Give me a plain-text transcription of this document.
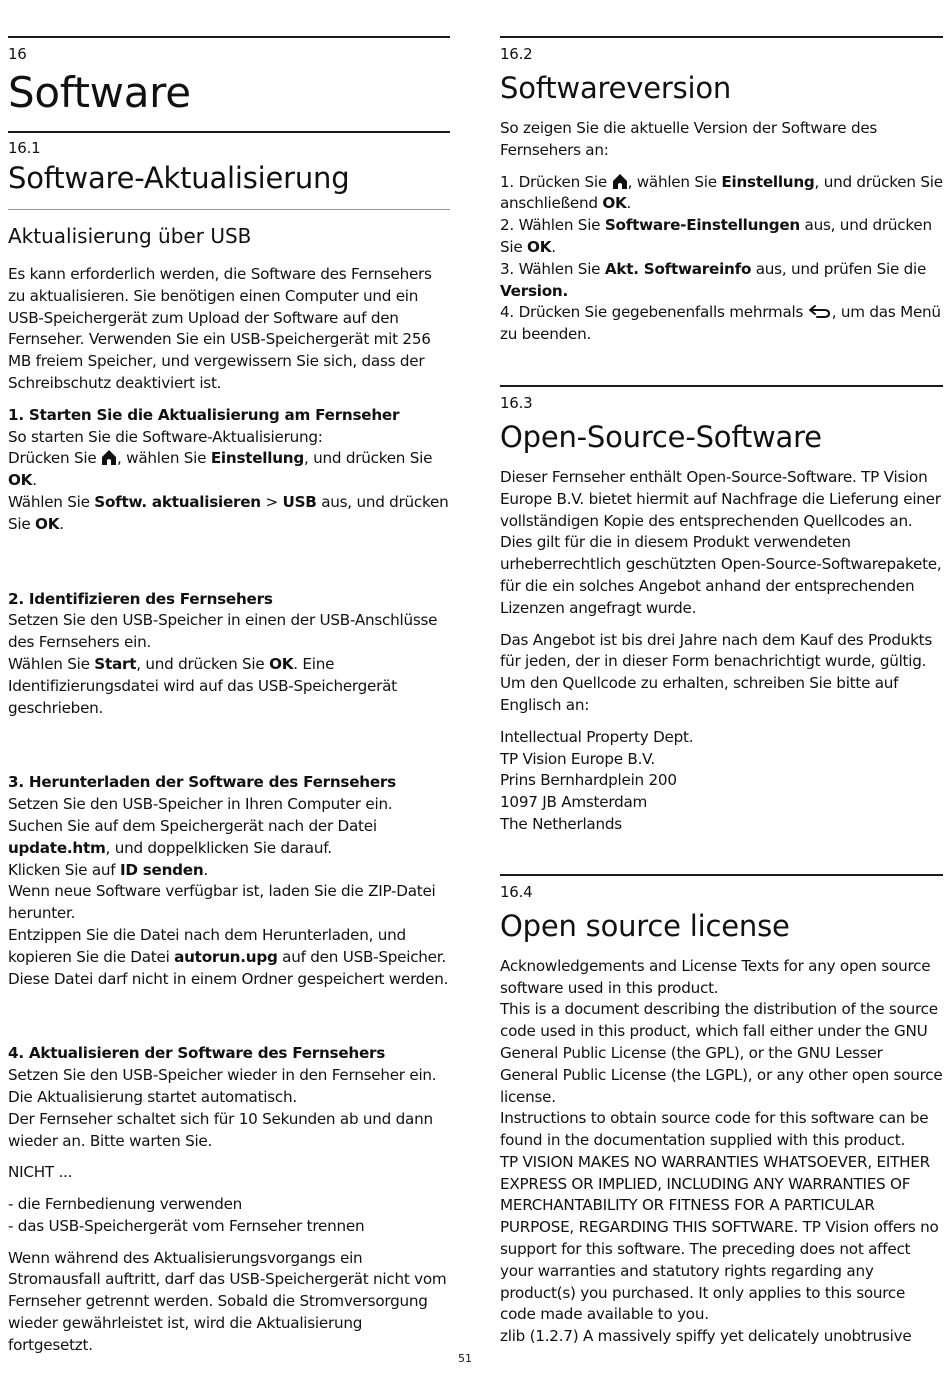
16

Software

16.1

Software-Aktualisierung
Aktualisierung über USB

Es kann erforderlich werden, die Software des Fernsehers zu aktualisieren. Sie benötigen einen Computer und ein USB-Speichergerät zum Upload der Software auf den Fernseher. Verwenden Sie ein USB-Speichergerät mit 256 MB freiem Speicher, und vergewissern Sie sich, dass der Schreibschutz deaktiviert ist.

1. Starten Sie die Aktualisierung am Fernseher

So starten Sie die Software-Aktualisierung:

Drücken Sie , wählen Sie Einstellung, und drücken Sie OK.

Wählen Sie Softw. aktualisieren > USB aus, und drücken Sie OK.

2. Identifizieren des Fernsehers

Setzen Sie den USB-Speicher in einen der USB-Anschlüsse des Fernsehers ein.

Wählen Sie Start, und drücken Sie OK. Eine Identifizierungsdatei wird auf das USB-Speichergerät geschrieben.

3. Herunterladen der Software des Fernsehers

Setzen Sie den USB-Speicher in Ihren Computer ein.

Suchen Sie auf dem Speichergerät nach der Datei update.htm, und doppelklicken Sie darauf.

Klicken Sie auf ID senden.

Wenn neue Software verfügbar ist, laden Sie die ZIP-Datei herunter.

Entzippen Sie die Datei nach dem Herunterladen, und kopieren Sie die Datei autorun.upg auf den USB-Speicher.

Diese Datei darf nicht in einem Ordner gespeichert werden.

4. Aktualisieren der Software des Fernsehers

Setzen Sie den USB-Speicher wieder in den Fernseher ein. Die Aktualisierung startet automatisch.

Der Fernseher schaltet sich für 10 Sekunden ab und dann wieder an. Bitte warten Sie.

NICHT ...

- die Fernbedienung verwenden

- das USB-Speichergerät vom Fernseher trennen

Wenn während des Aktualisierungsvorgangs ein Stromausfall auftritt, darf das USB-Speichergerät nicht vom Fernseher getrennt werden. Sobald die Stromversorgung wieder gewährleistet ist, wird die Aktualisierung fortgesetzt.

16.2

Softwareversion

So zeigen Sie die aktuelle Version der Software des Fernsehers an:

1. Drücken Sie , wählen Sie Einstellung, und drücken Sie anschließend OK.

2. Wählen Sie Software-Einstellungen aus, und drücken Sie OK.

3. Wählen Sie Akt. Softwareinfo aus, und prüfen Sie die Version.

4. Drücken Sie gegebenenfalls mehrmals , um das Menü zu beenden.

16.3

Open-Source-Software

Dieser Fernseher enthält Open-Source-Software. TP Vision Europe B.V. bietet hiermit auf Nachfrage die Lieferung einer vollständigen Kopie des entsprechenden Quellcodes an. Dies gilt für die in diesem Produkt verwendeten urheberrechtlich geschützten Open-Source-Softwarepakete, für die ein solches Angebot anhand der entsprechenden Lizenzen angefragt wurde.

Das Angebot ist bis drei Jahre nach dem Kauf des Produkts für jeden, der in dieser Form benachrichtigt wurde, gültig.

Um den Quellcode zu erhalten, schreiben Sie bitte auf Englisch an:

Intellectual Property Dept.

TP Vision Europe B.V.

Prins Bernhardplein 200

1097 JB Amsterdam

The Netherlands

16.4

Open source license

Acknowledgements and License Texts for any open source software used in this product.

This is a document describing the distribution of the source code used in this product, which fall either under the GNU General Public License (the GPL), or the GNU Lesser General Public License (the LGPL), or any other open source license.

Instructions to obtain source code for this software can be found in the documentation supplied with this product.

TP VISION MAKES NO WARRANTIES WHATSOEVER, EITHER EXPRESS OR IMPLIED, INCLUDING ANY WARRANTIES OF MERCHANTABILITY OR FITNESS FOR A PARTICULAR PURPOSE, REGARDING THIS SOFTWARE. TP Vision offers no support for this software. The preceding does not affect your warranties and statutory rights regarding any product(s) you purchased. It only applies to this source code made available to you.

zlib (1.2.7) A massively spiffy yet delicately unobtrusive

51
